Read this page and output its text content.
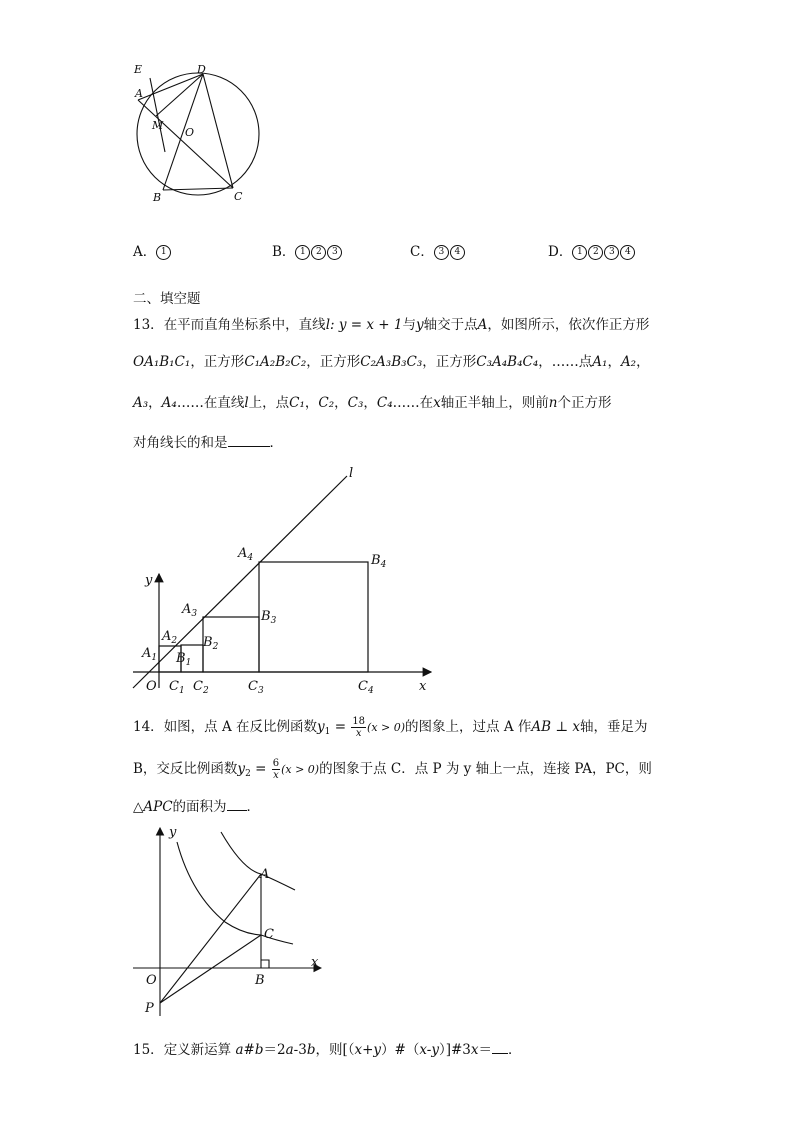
E	D
A
M
O
B	C
A． 1	B． 1 2 3	C． 3 4	D． 1 2 3 4
二、填空题
13．在平而直角坐标系中，直线l: y = x + 1与y轴交于点A，如图所示，依次作正方形
OA₁B₁C₁，正方形C₁A₂B₂C₂，正方形C₂A₃B₃C₃，正方形C₃A₄B₄C₄，……点A₁，A₂，
A₃，A₄……在直线l上，点C₁，C₂，C₃，C₄……在x轴正半轴上，则前n个正方形
对角线长的和是	．
l
y
x
O
$A_1$
$A_2$
$A_3$
$A_4$
$B_1$
$B_2$
$B_3$
$B_4$
$C_1$ $C_2$	$C_3$	$C_4$
14．如图，点 A 在反比例函数$y_1 = \frac{18}{x} (x > 0)$的图象上，过点 A 作AB ⊥ x轴，垂足为
B，交反比例函数$y_2 = \frac{6}{x} (x > 0)$的图象于点 C．点 P 为 y 轴上一点，连接 PA，PC，则
△APC的面积为 ．
y
x
O
A
B
C
P
15．定义新运算 a#b＝2a-3b，则[（x+y）#（x-y）]#3x＝ ．
